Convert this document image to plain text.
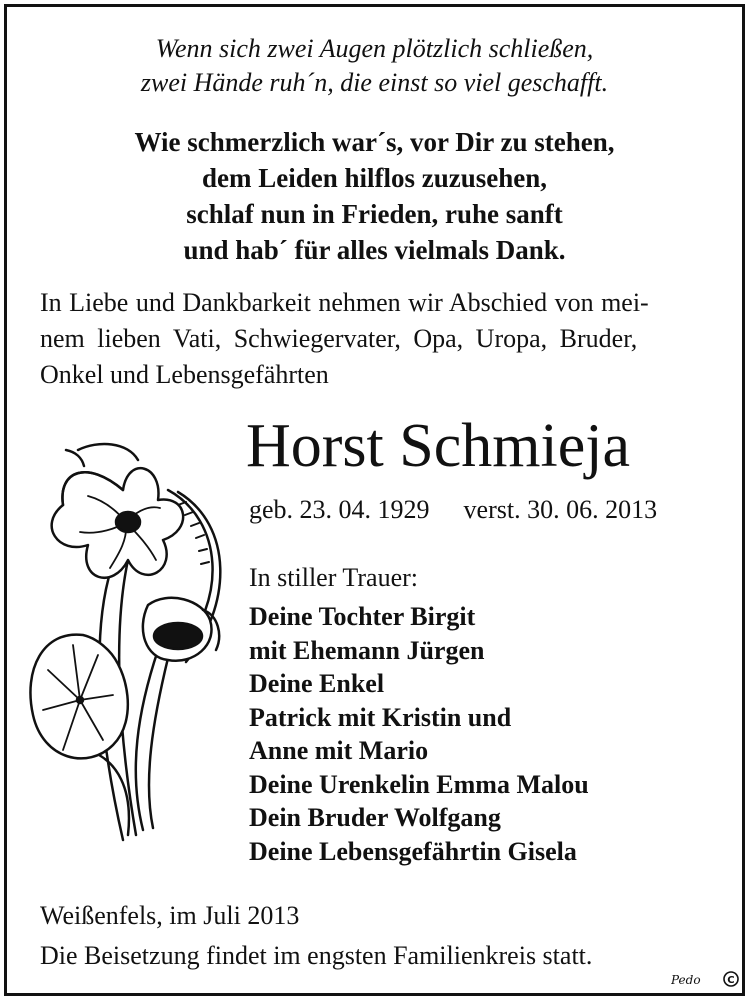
Wenn sich zwei Augen plötzlich schließen,
zwei Hände ruh´n, die einst so viel geschafft.
Wie schmerzlich war´s, vor Dir zu stehen,
dem Leiden hilflos zuzusehen,
schlaf nun in Frieden, ruhe sanft
und hab´ für alles vielmals Dank.
In Liebe und Dankbarkeit nehmen wir Abschied von mei-
nem lieben Vati, Schwiegervater, Opa, Uropa, Bruder,
Onkel und Lebensgefährten
Horst Schmieja
geb. 23. 04. 1929 verst. 30. 06. 2013
In stiller Trauer:
Deine Tochter Birgit
mit Ehemann Jürgen
Deine Enkel
Patrick mit Kristin und
Anne mit Mario
Deine Urenkelin Emma Malou
Dein Bruder Wolfgang
Deine Lebensgefährtin Gisela
Weißenfels, im Juli 2013
Die Beisetzung findet im engsten Familienkreis statt.
Pedo	C
